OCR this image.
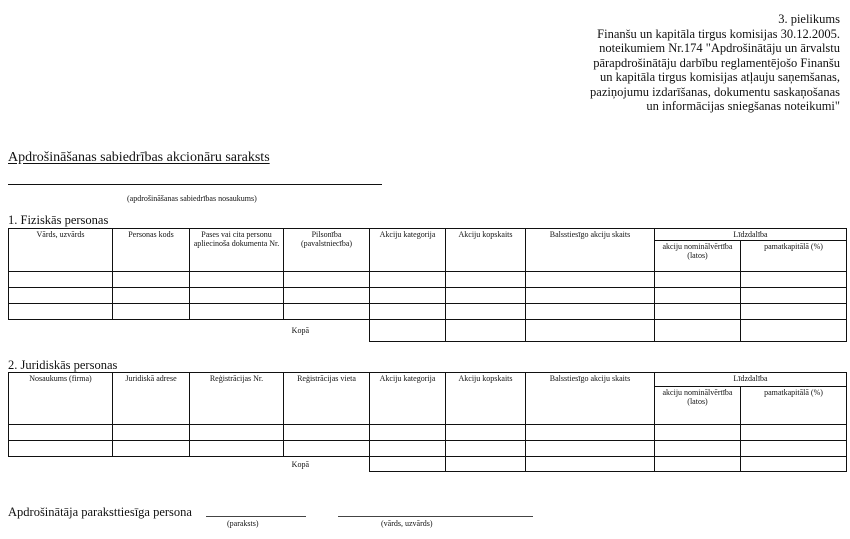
3. pielikums
Finanšu un kapitāla tirgus komisijas 30.12.2005.
noteikumiem Nr.174 "Apdrošinātāju un ārvalstu
pārapdrošinātāju darbību reglamentējošo Finanšu
un kapitāla tirgus komisijas atļauju saņemšanas,
paziņojumu izdarīšanas, dokumentu saskaņošanas
un informācijas sniegšanas noteikumi"
Apdrošināšanas sabiedrības akcionāru saraksts
(apdrošināšanas sabiedrības nosaukums)
1. Fiziskās personas
Vārds, uzvārds	Personas kods	Pases vai cita personu apliecinoša dokumenta Nr.	Pilsonība (pavalstniecība)	Akciju kategorija	Akciju kopskaits	Balsstiesīgo akciju skaits	Līdzdalība	
							akciju nominālvērtība (latos)	pamatkapitālā (%)

Kopā								
2. Juridiskās personas
Nosaukums (firma)	Juridiskā adrese	Reģistrācijas Nr.	Reģistrācijas vieta	Akciju kategorija	Akciju kopskaits	Balsstiesīgo akciju skaits	Līdzdalība	
							akciju nominālvērtība (latos)	pamatkapitālā (%)

Kopā								
Apdrošinātāja paraksttiesīga persona
(paraksts)	(vārds, uzvārds)
